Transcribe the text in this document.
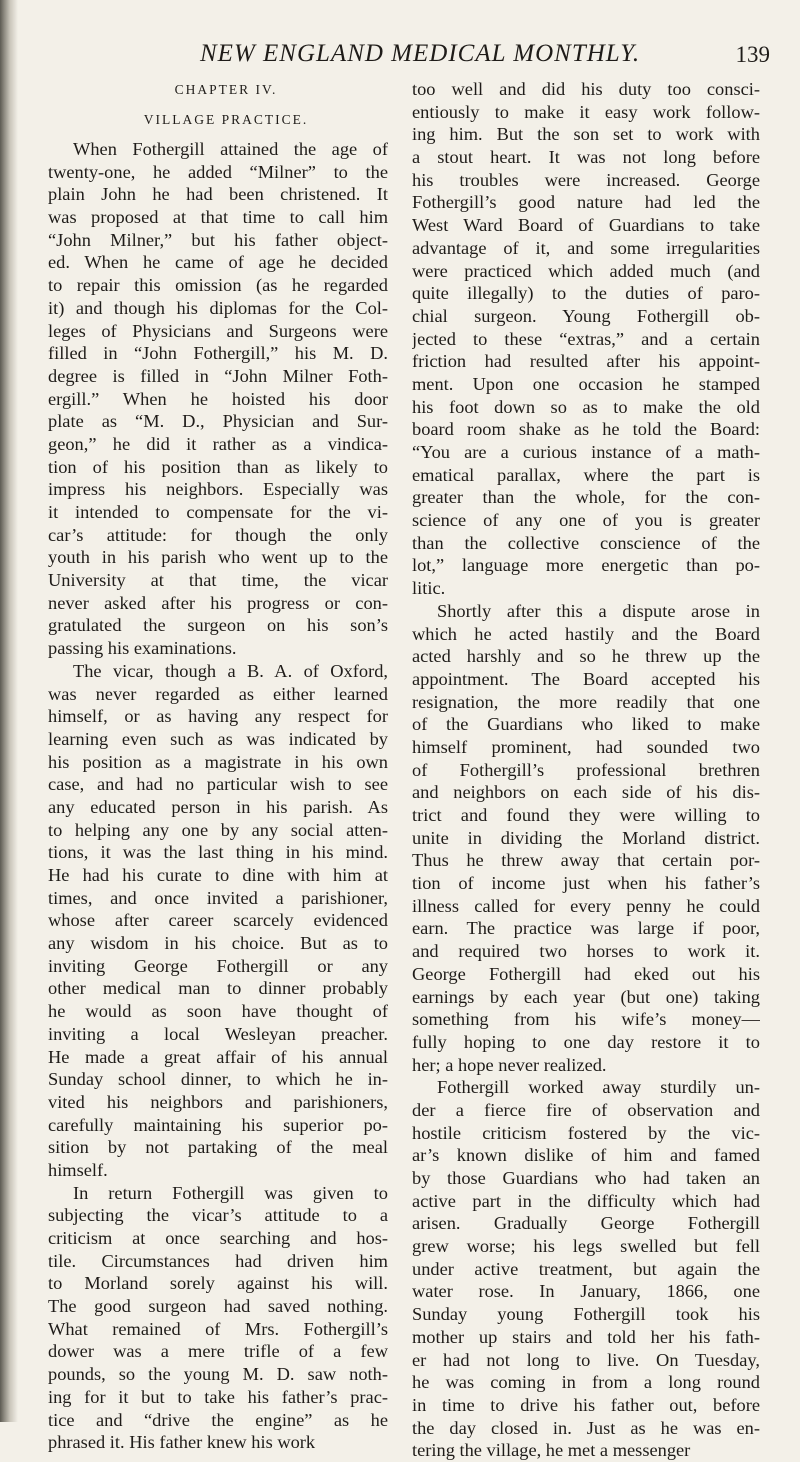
NEW ENGLAND MEDICAL MONTHLY.	139
CHAPTER IV.
VILLAGE PRACTICE.
When Fothergill attained the age of
twenty-one, he added “Milner” to the
plain John he had been christened. It
was proposed at that time to call him
“John Milner,” but his father object-
ed. When he came of age he decided
to repair this omission (as he regarded
it) and though his diplomas for the Col-
leges of Physicians and Surgeons were
filled in “John Fothergill,” his M. D.
degree is filled in “John Milner Foth-
ergill.” When he hoisted his door
plate as “M. D., Physician and Sur-
geon,” he did it rather as a vindica-
tion of his position than as likely to
impress his neighbors. Especially was
it intended to compensate for the vi-
car’s attitude: for though the only
youth in his parish who went up to the
University at that time, the vicar
never asked after his progress or con-
gratulated the surgeon on his son’s
passing his examinations.
The vicar, though a B. A. of Oxford,
was never regarded as either learned
himself, or as having any respect for
learning even such as was indicated by
his position as a magistrate in his own
case, and had no particular wish to see
any educated person in his parish. As
to helping any one by any social atten-
tions, it was the last thing in his mind.
He had his curate to dine with him at
times, and once invited a parishioner,
whose after career scarcely evidenced
any wisdom in his choice. But as to
inviting George Fothergill or any
other medical man to dinner probably
he would as soon have thought of
inviting a local Wesleyan preacher.
He made a great affair of his annual
Sunday school dinner, to which he in-
vited his neighbors and parishioners,
carefully maintaining his superior po-
sition by not partaking of the meal
himself.
In return Fothergill was given to
subjecting the vicar’s attitude to a
criticism at once searching and hos-
tile. Circumstances had driven him
to Morland sorely against his will.
The good surgeon had saved nothing.
What remained of Mrs. Fothergill’s
dower was a mere trifle of a few
pounds, so the young M. D. saw noth-
ing for it but to take his father’s prac-
tice and “drive the engine” as he
phrased it. His father knew his work
too well and did his duty too consci-
entiously to make it easy work follow-
ing him. But the son set to work with
a stout heart. It was not long before
his troubles were increased. George
Fothergill’s good nature had led the
West Ward Board of Guardians to take
advantage of it, and some irregularities
were practiced which added much (and
quite illegally) to the duties of paro-
chial surgeon. Young Fothergill ob-
jected to these “extras,” and a certain
friction had resulted after his appoint-
ment. Upon one occasion he stamped
his foot down so as to make the old
board room shake as he told the Board:
“You are a curious instance of a math-
ematical parallax, where the part is
greater than the whole, for the con-
science of any one of you is greater
than the collective conscience of the
lot,” language more energetic than po-
litic.
Shortly after this a dispute arose in
which he acted hastily and the Board
acted harshly and so he threw up the
appointment. The Board accepted his
resignation, the more readily that one
of the Guardians who liked to make
himself prominent, had sounded two
of Fothergill’s professional brethren
and neighbors on each side of his dis-
trict and found they were willing to
unite in dividing the Morland district.
Thus he threw away that certain por-
tion of income just when his father’s
illness called for every penny he could
earn. The practice was large if poor,
and required two horses to work it.
George Fothergill had eked out his
earnings by each year (but one) taking
something from his wife’s money—
fully hoping to one day restore it to
her; a hope never realized.
Fothergill worked away sturdily un-
der a fierce fire of observation and
hostile criticism fostered by the vic-
ar’s known dislike of him and famed
by those Guardians who had taken an
active part in the difficulty which had
arisen. Gradually George Fothergill
grew worse; his legs swelled but fell
under active treatment, but again the
water rose. In January, 1866, one
Sunday young Fothergill took his
mother up stairs and told her his fath-
er had not long to live. On Tuesday,
he was coming in from a long round
in time to drive his father out, before
the day closed in. Just as he was en-
tering the village, he met a messenger
